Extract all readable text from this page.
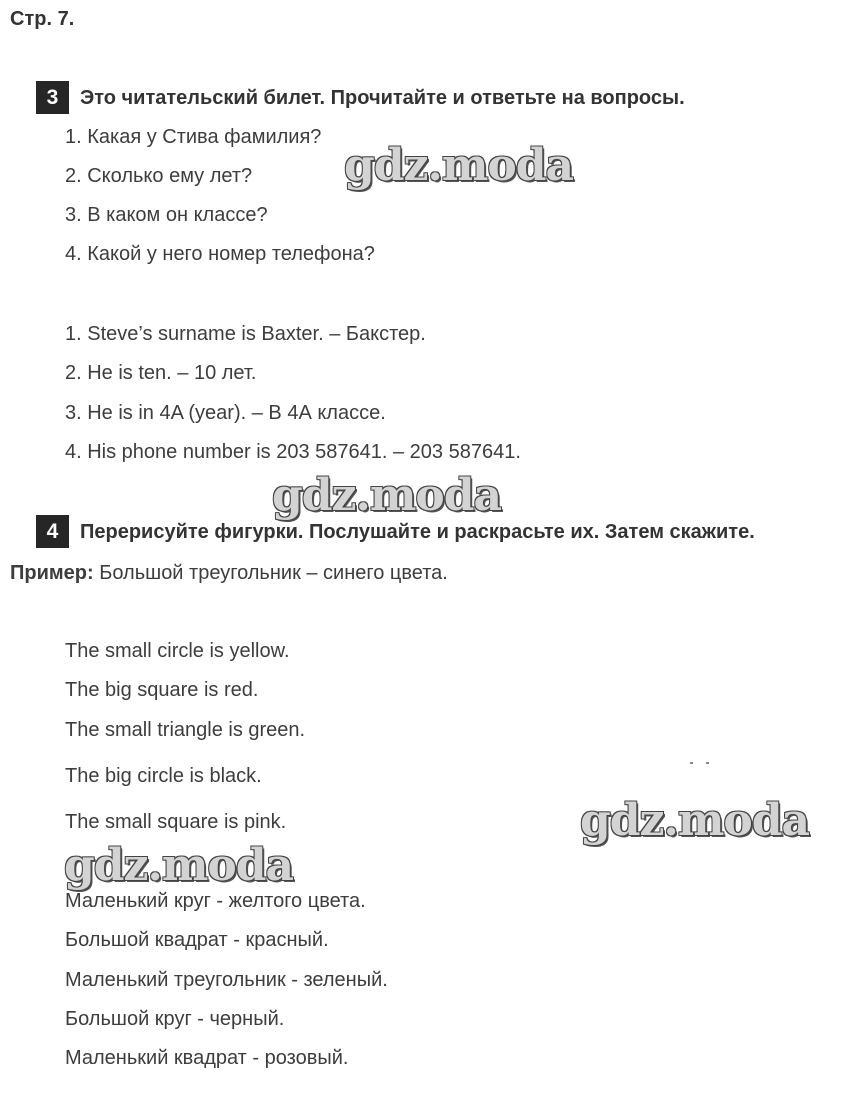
Стр. 7.
3	Это читательский билет. Прочитайте и ответьте на вопросы.
1. Какая у Стива фамилия?
2. Сколько ему лет?
3. В каком он классе?
4. Какой у него номер телефона?
1. Steve’s surname is Baxter. – Бакстер.
2. He is ten. – 10 лет.
3. He is in 4A (year). – В 4А классе.
4. His phone number is 203 587641. – 203 587641.
4	Перерисуйте фигурки. Послушайте и раскрасьте их. Затем скажите.
Пример: Большой треугольник – синего цвета.
The small circle is yellow.
The big square is red.
The small triangle is green.
The big circle is black.
The small square is pink.
Маленький круг - желтого цвета.
Большой квадрат - красный.
Маленький треугольник - зеленый.
Большой круг - черный.
Маленький квадрат - розовый.
gdz.moda
gdz.moda
gdz.moda
gdz.moda
